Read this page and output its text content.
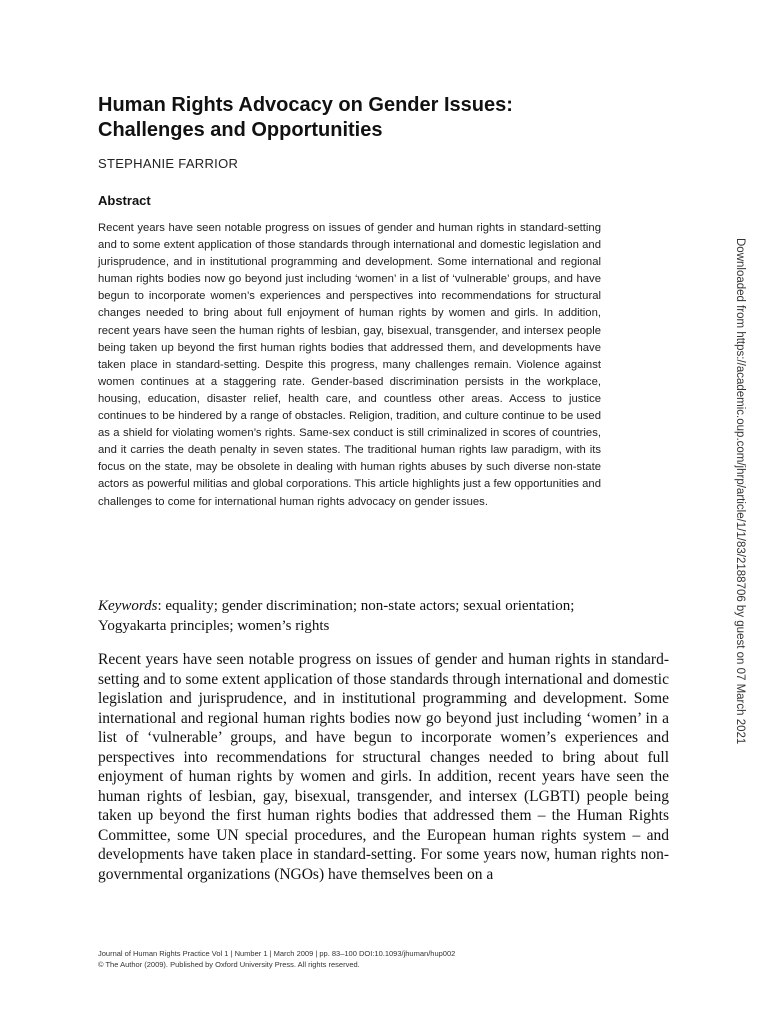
Human Rights Advocacy on Gender Issues:
Challenges and Opportunities
STEPHANIE FARRIOR
Abstract

Recent years have seen notable progress on issues of gender and human rights in standard-setting and to some extent application of those standards through international and domestic legislation and jurisprudence, and in institutional programming and development. Some international and regional human rights bodies now go beyond just including ‘women’ in a list of ‘vulnerable’ groups, and have begun to incorporate women’s experiences and perspectives into recommendations for structural changes needed to bring about full enjoyment of human rights by women and girls. In addition, recent years have seen the human rights of lesbian, gay, bisexual, transgender, and intersex people being taken up beyond the first human rights bodies that addressed them, and developments have taken place in standard-setting. Despite this progress, many challenges remain. Violence against women continues at a staggering rate. Gender-based discrimination persists in the workplace, housing, education, disaster relief, health care, and countless other areas. Access to justice continues to be hindered by a range of obstacles. Religion, tradition, and culture continue to be used as a shield for violating women’s rights. Same-sex conduct is still criminalized in scores of countries, and it carries the death penalty in seven states. The traditional human rights law paradigm, with its focus on the state, may be obsolete in dealing with human rights abuses by such diverse non-state actors as powerful militias and global corporations. This article highlights just a few opportunities and challenges to come for international human rights advocacy on gender issues.

Keywords: equality; gender discrimination; non-state actors; sexual orientation; Yogyakarta principles; women’s rights

Recent years have seen notable progress on issues of gender and human rights in standard-setting and to some extent application of those standards through international and domestic legislation and jurisprudence, and in institutional programming and development. Some international and regional human rights bodies now go beyond just including ‘women’ in a list of ‘vulnerable’ groups, and have begun to incorporate women’s experiences and perspectives into recommendations for structural changes needed to bring about full enjoyment of human rights by women and girls. In addition, recent years have seen the human rights of lesbian, gay, bisexual, transgender, and intersex (LGBTI) people being taken up beyond the first human rights bodies that addressed them – the Human Rights Committee, some UN special procedures, and the European human rights system – and developments have taken place in standard-setting. For some years now, human rights non-governmental organizations (NGOs) have themselves been on a

Journal of Human Rights Practice Vol 1 | Number 1 | March 2009 | pp. 83–100 DOI:10.1093/jhuman/hup002
© The Author (2009). Published by Oxford University Press. All rights reserved.
Downloaded from https://academic.oup.com/jhrp/article/1/1/83/2188706 by guest on 07 March 2021
